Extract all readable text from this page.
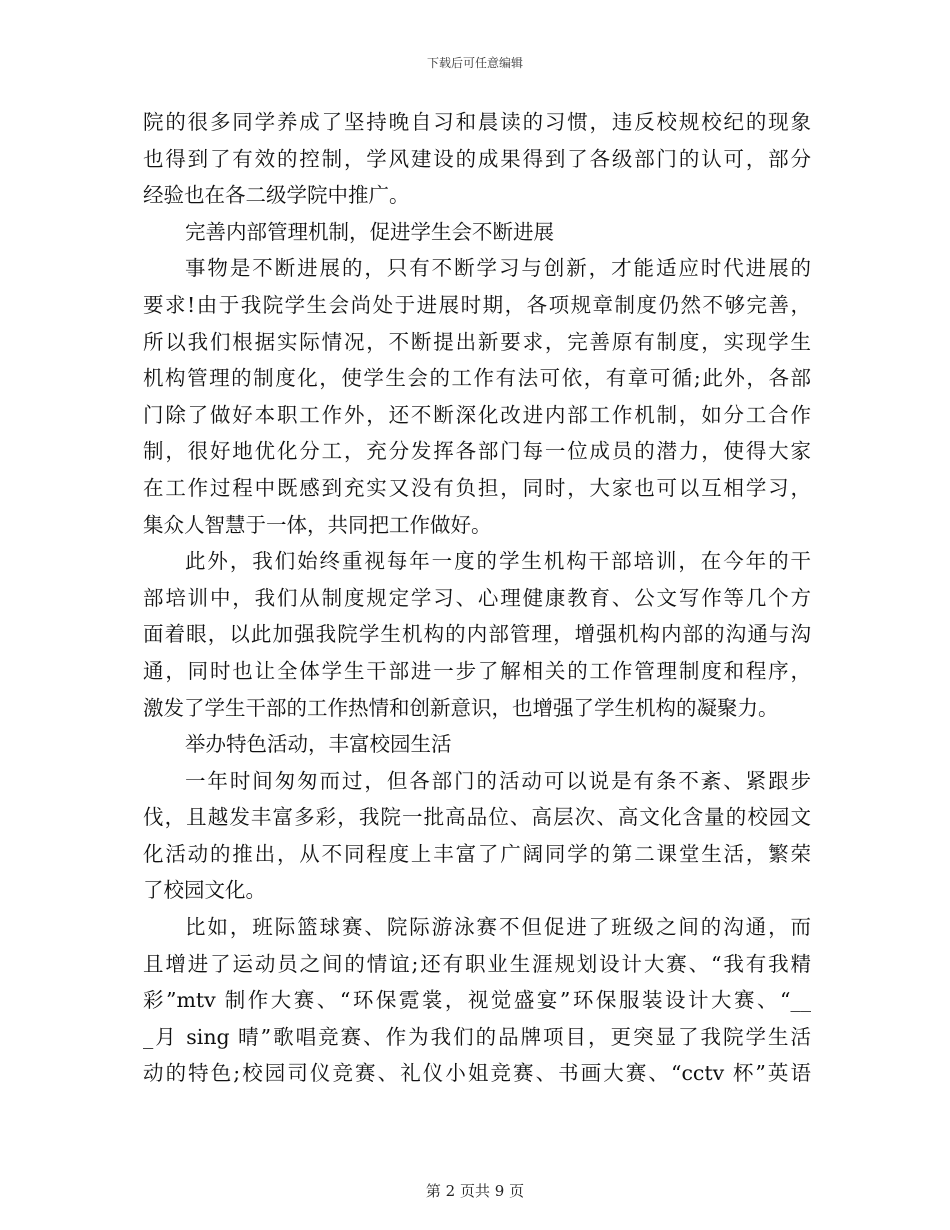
下载后可任意编辑
院的很多同学养成了坚持晚自习和晨读的习惯，违反校规校纪的现象
也得到了有效的控制，学风建设的成果得到了各级部门的认可，部分
经验也在各二级学院中推广。
完善内部管理机制，促进学生会不断进展
事物是不断进展的，只有不断学习与创新，才能适应时代进展的
要求!由于我院学生会尚处于进展时期，各项规章制度仍然不够完善，
所以我们根据实际情况，不断提出新要求，完善原有制度，实现学生
机构管理的制度化，使学生会的工作有法可依，有章可循;此外，各部
门除了做好本职工作外，还不断深化改进内部工作机制，如分工合作
制，很好地优化分工，充分发挥各部门每一位成员的潜力，使得大家
在工作过程中既感到充实又没有负担，同时，大家也可以互相学习，
集众人智慧于一体，共同把工作做好。
此外，我们始终重视每年一度的学生机构干部培训，在今年的干
部培训中，我们从制度规定学习、心理健康教育、公文写作等几个方
面着眼，以此加强我院学生机构的内部管理，增强机构内部的沟通与沟
通，同时也让全体学生干部进一步了解相关的工作管理制度和程序，
激发了学生干部的工作热情和创新意识，也增强了学生机构的凝聚力。
举办特色活动，丰富校园生活
一年时间匆匆而过，但各部门的活动可以说是有条不紊、紧跟步
伐，且越发丰富多彩，我院一批高品位、高层次、高文化含量的校园文
化活动的推出，从不同程度上丰富了广阔同学的第二课堂生活，繁荣
了校园文化。
比如，班际篮球赛、院际游泳赛不但促进了班级之间的沟通，而
且增进了运动员之间的情谊;还有职业生涯规划设计大赛、“我有我精
彩”mtv 制作大赛、“环保霓裳，视觉盛宴”环保服装设计大赛、“__
_月 sing 晴”歌唱竞赛、作为我们的品牌项目，更突显了我院学生活
动的特色;校园司仪竞赛、礼仪小姐竞赛、书画大赛、“cctv 杯”英语
第 2 页共 9 页
